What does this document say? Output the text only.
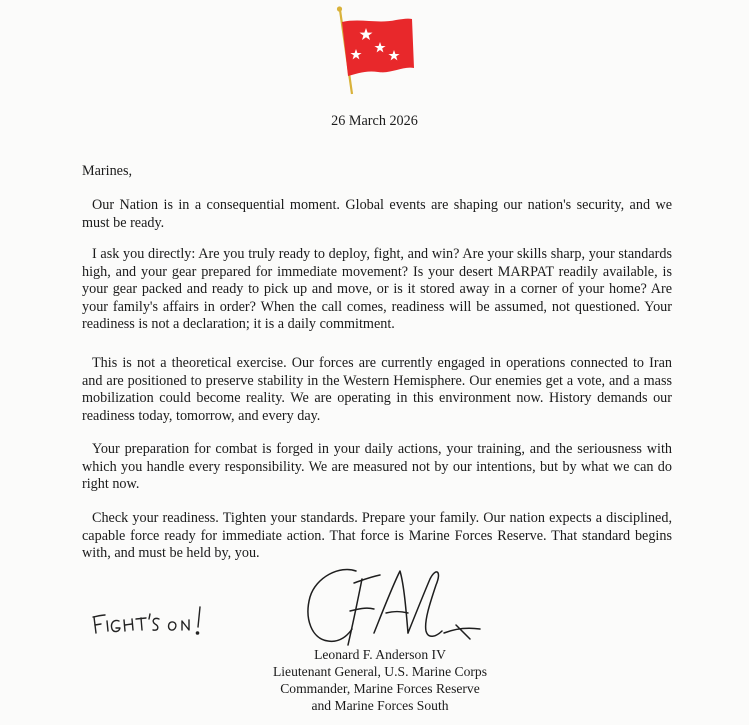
26 March 2026
Marines,
Our Nation is in a consequential moment. Global events are shaping our nation's security, and we must be ready.
I ask you directly: Are you truly ready to deploy, fight, and win? Are your skills sharp, your standards high, and your gear prepared for immediate movement? Is your desert MARPAT readily available, is your gear packed and ready to pick up and move, or is it stored away in a corner of your home? Are your family's affairs in order? When the call comes, readiness will be assumed, not questioned. Your readiness is not a declaration; it is a daily commitment.
This is not a theoretical exercise. Our forces are currently engaged in operations connected to Iran and are positioned to preserve stability in the Western Hemisphere. Our enemies get a vote, and a mass mobilization could become reality. We are operating in this environment now. History demands our readiness today, tomorrow, and every day.
Your preparation for combat is forged in your daily actions, your training, and the seriousness with which you handle every responsibility. We are measured not by our intentions, but by what we can do right now.
Check your readiness. Tighten your standards. Prepare your family. Our nation expects a disciplined, capable force ready for immediate action. That force is Marine Forces Reserve. That standard begins with, and must be held by, you.
Leonard F. Anderson IV
Lieutenant General, U.S. Marine Corps
Commander, Marine Forces Reserve
and Marine Forces South
